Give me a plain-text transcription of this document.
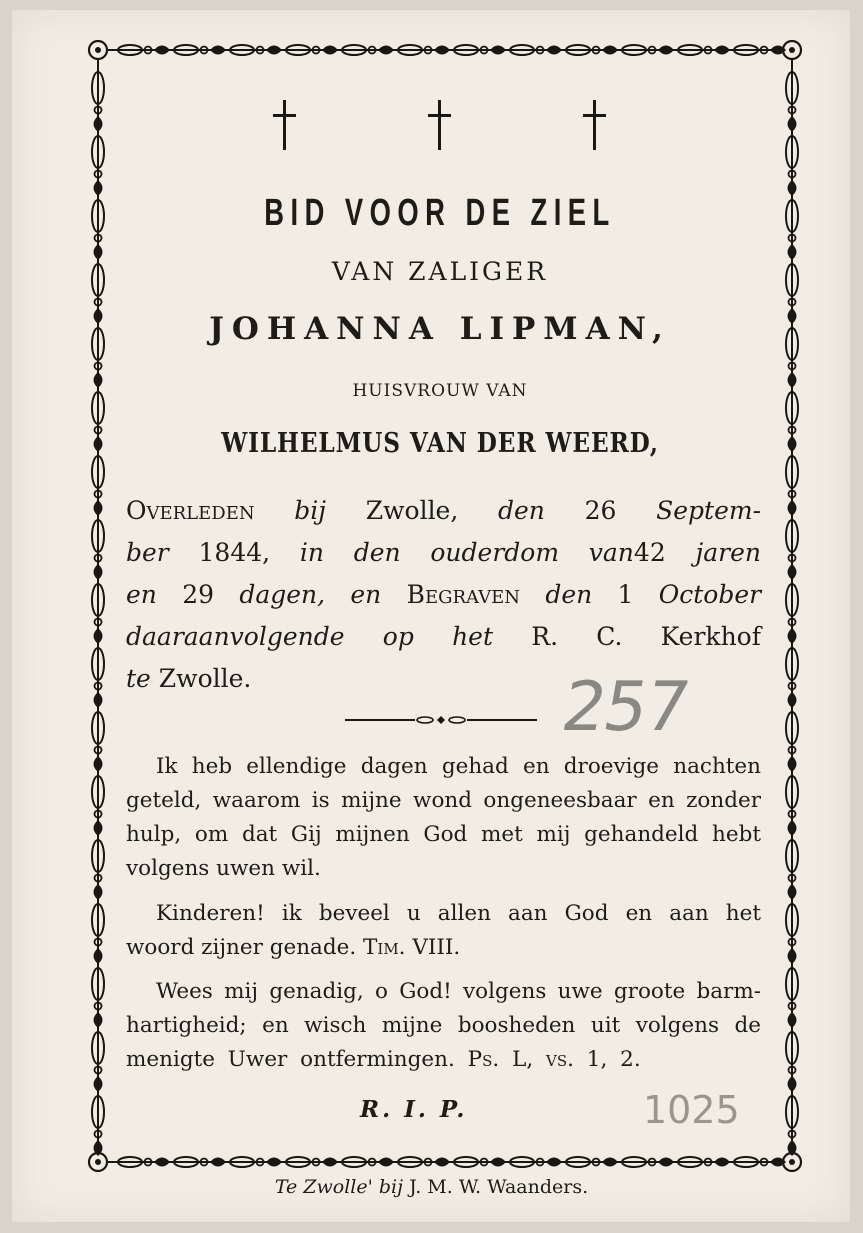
BID VOOR DE ZIEL
VAN ZALIGER
JOHANNA LIPMAN,
HUISVROUW VAN
WILHELMUS VAN DER WEERD,
Overleden bij Zwolle, den 26 Septem-
ber 1844, in den ouderdom van42 jaren
en 29 dagen, en Begraven den 1 October
daaraanvolgende op het R. C. Kerkhof
te Zwolle.	257
Ik heb ellendige dagen gehad en droevige nachten
geteld, waarom is mijne wond ongeneesbaar en zonder
hulp, om dat Gij mijnen God met mij gehandeld hebt
volgens uwen wil.
Kinderen! ik beveel u allen aan God en aan het
woord zijner genade. Tim. VIII.
Wees mij genadig, o God! volgens uwe groote barm-
hartigheid; en wisch mijne boosheden uit volgens de
menigte Uwer ontfermingen. Ps. L, vs. 1, 2.
R. I. P.	1025
Te Zwolle' bij J. M. W. Waanders.
